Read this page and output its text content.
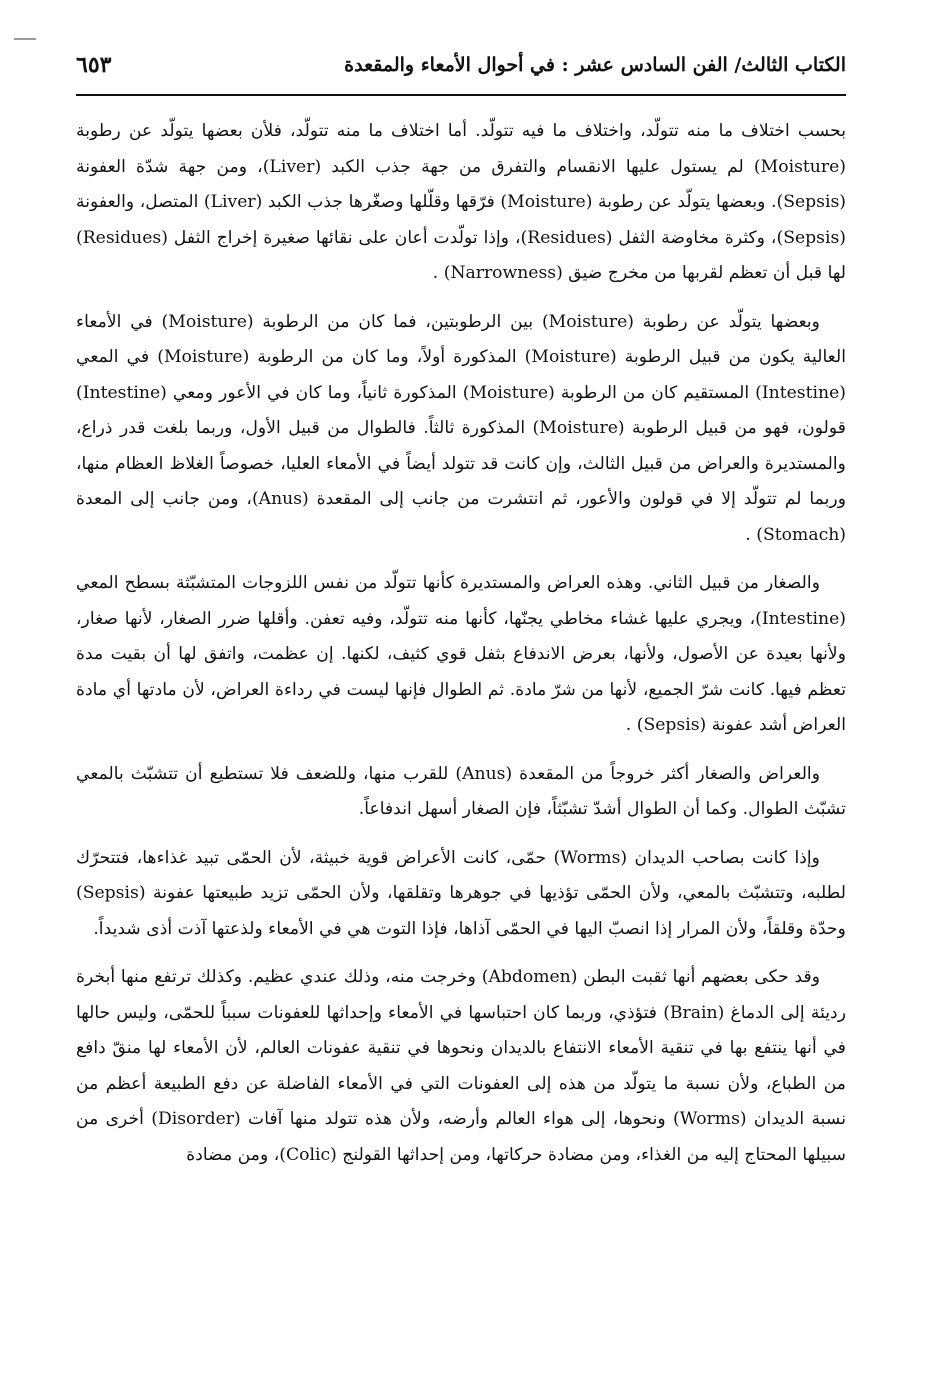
الكتاب الثالث/ الفن السادس عشر : في أحوال الأمعاء والمقعدة
٦٥٣

بحسب اختلاف ما منه تتولّد، واختلاف ما فيه تتولّد. أما اختلاف ما منه تتولّد، فلأن بعضها يتولّد عن رطوبة (Moisture) لم يستول عليها الانقسام والتفرق من جهة جذب الكبد (Liver)، ومن جهة شدّة العفونة (Sepsis). وبعضها يتولّد عن رطوبة (Moisture) فرّقها وقلّلها وصغّرها جذب الكبد (Liver) المتصل، والعفونة (Sepsis)، وكثرة مخاوضة الثفل (Residues)، وإذا تولّدت أعان على نقائها صغيرة إخراج الثفل (Residues) لها قبل أن تعظم لقربها من مخرج ضيق (Narrowness) .

وبعضها يتولّد عن رطوبة (Moisture) بين الرطوبتين، فما كان من الرطوبة (Moisture) في الأمعاء العالية يكون من قبيل الرطوبة (Moisture) المذكورة أولاً، وما كان من الرطوبة (Moisture) في المعي (Intestine) المستقيم كان من الرطوبة (Moisture) المذكورة ثانياً، وما كان في الأعور ومعي (Intestine) قولون، فهو من قبيل الرطوبة (Moisture) المذكورة ثالثاً. فالطوال من قبيل الأول، وربما بلغت قدر ذراع، والمستديرة والعراض من قبيل الثالث، وإن كانت قد تتولد أيضاً في الأمعاء العليا، خصوصاً الغلاظ العظام منها، وربما لم تتولّد إلا في قولون والأعور، ثم انتشرت من جانب إلى المقعدة (Anus)، ومن جانب إلى المعدة (Stomach) .

والصغار من قبيل الثاني. وهذه العراض والمستديرة كأنها تتولّد من نفس اللزوجات المتشبّثة بسطح المعي (Intestine)، ويجري عليها غشاء مخاطي يجنّها، كأنها منه تتولّد، وفيه تعفن. وأقلها ضرر الصغار، لأنها صغار، ولأنها بعيدة عن الأصول، ولأنها، بعرض الاندفاع بثفل قوي كثيف، لكنها. إن عظمت، واتفق لها أن بقيت مدة تعظم فيها. كانت شرّ الجميع، لأنها من شرّ مادة. ثم الطوال فإنها ليست في رداءة العراض، لأن مادتها أي مادة العراض أشد عفونة (Sepsis) .

والعراض والصغار أكثر خروجاً من المقعدة (Anus) للقرب منها، وللضعف فلا تستطيع أن تتشبّث بالمعي تشبّث الطوال. وكما أن الطوال أشدّ تشبّثاً، فإن الصغار أسهل اندفاعاً.

وإذا كانت بصاحب الديدان (Worms) حمّى، كانت الأعراض قوية خبيثة، لأن الحمّى تبيد غذاءها، فتتحرّك لطلبه، وتتشبّث بالمعي، ولأن الحمّى تؤذيها في جوهرها وتقلقها، ولأن الحمّى تزيد طبيعتها عفونة (Sepsis) وحدّة وقلقاً، ولأن المرار إذا انصبّ اليها في الحمّى آذاها، فإذا التوت هي في الأمعاء ولذعتها آذت أذى شديداً.

وقد حكى بعضهم أنها ثقبت البطن (Abdomen) وخرجت منه، وذلك عندي عظيم. وكذلك ترتفع منها أبخرة رديئة إلى الدماغ (Brain) فتؤذي، وربما كان احتباسها في الأمعاء وإحداثها للعفونات سبباً للحمّى، وليس حالها في أنها ينتفع بها في تنقية الأمعاء الانتفاع بالديدان ونحوها في تنقية عفونات العالم، لأن الأمعاء لها منقّ دافع من الطباع، ولأن نسبة ما يتولّد من هذه إلى العفونات التي في الأمعاء الفاضلة عن دفع الطبيعة أعظم من نسبة الديدان (Worms) ونحوها، إلى هواء العالم وأرضه، ولأن هذه تتولد منها آفات (Disorder) أخرى من سبيلها المحتاج إليه من الغذاء، ومن مضادة حركاتها، ومن إحداثها القولنج (Colic)، ومن مضادة
